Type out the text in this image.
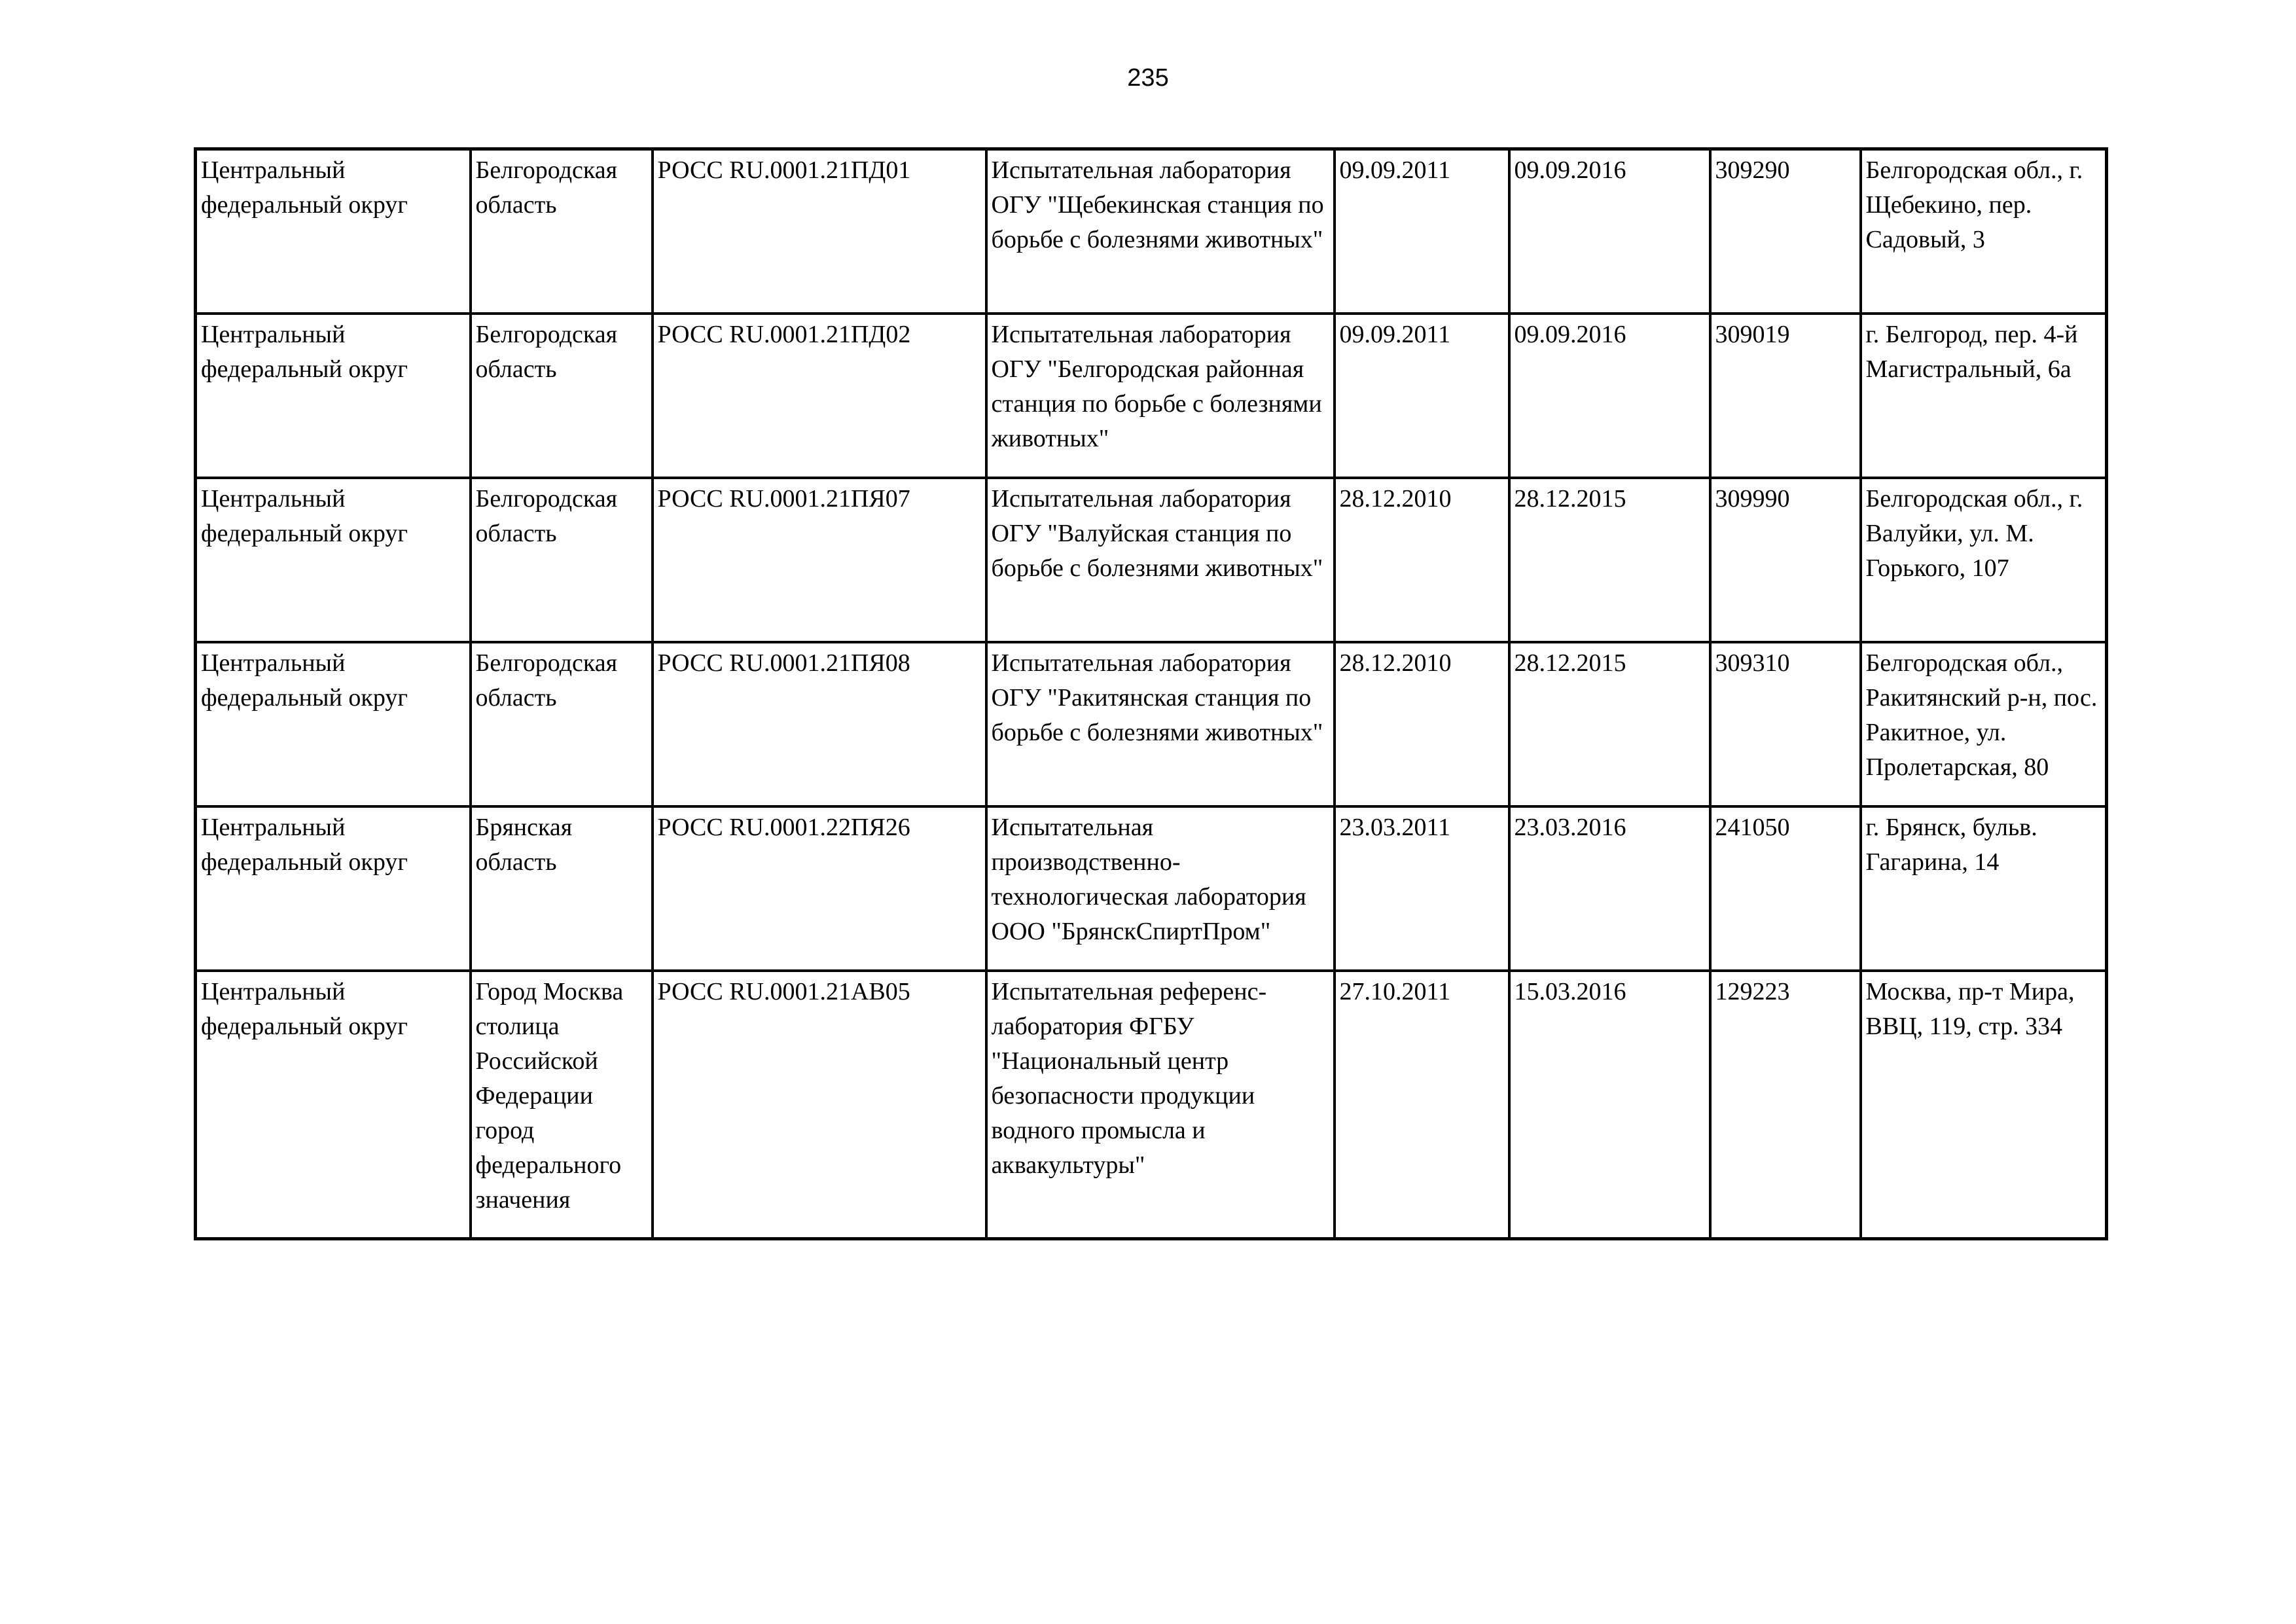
235
Центральный федеральный округ	Белгородская область	РОСС RU.0001.21ПД01	Испытательная лаборатория ОГУ "Щебекинская станция по борьбе с болезнями животных"	09.09.2011	09.09.2016	309290	Белгородская обл., г. Щебекино, пер. Садовый, 3

Центральный федеральный округ	Белгородская область	РОСС RU.0001.21ПД02	Испытательная лаборатория ОГУ "Белгородская районная станция по борьбе с болезнями животных"	09.09.2011	09.09.2016	309019	г. Белгород, пер. 4-й Магистральный, 6а

Центральный федеральный округ	Белгородская область	РОСС RU.0001.21ПЯ07	Испытательная лаборатория ОГУ "Валуйская станция по борьбе с болезнями животных"	28.12.2010	28.12.2015	309990	Белгородская обл., г. Валуйки, ул. М. Горького, 107

Центральный федеральный округ	Белгородская область	РОСС RU.0001.21ПЯ08	Испытательная лаборатория ОГУ "Ракитянская станция по борьбе с болезнями животных"	28.12.2010	28.12.2015	309310	Белгородская обл., Ракитянский р-н, пос. Ракитное, ул. Пролетарская, 80

Центральный федеральный округ	Брянская область	РОСС RU.0001.22ПЯ26	Испытательная производственно-технологическая лаборатория ООО "БрянскСпиртПром"	23.03.2011	23.03.2016	241050	г. Брянск, бульв. Гагарина, 14

Центральный федеральный округ	Город Москва столица Российской Федерации город федерального значения	РОСС RU.0001.21АВ05	Испытательная референс-лаборатория ФГБУ "Национальный центр безопасности продукции водного промысла и аквакультуры"	27.10.2011	15.03.2016	129223	Москва, пр-т Мира, ВВЦ, 119, стр. 334
